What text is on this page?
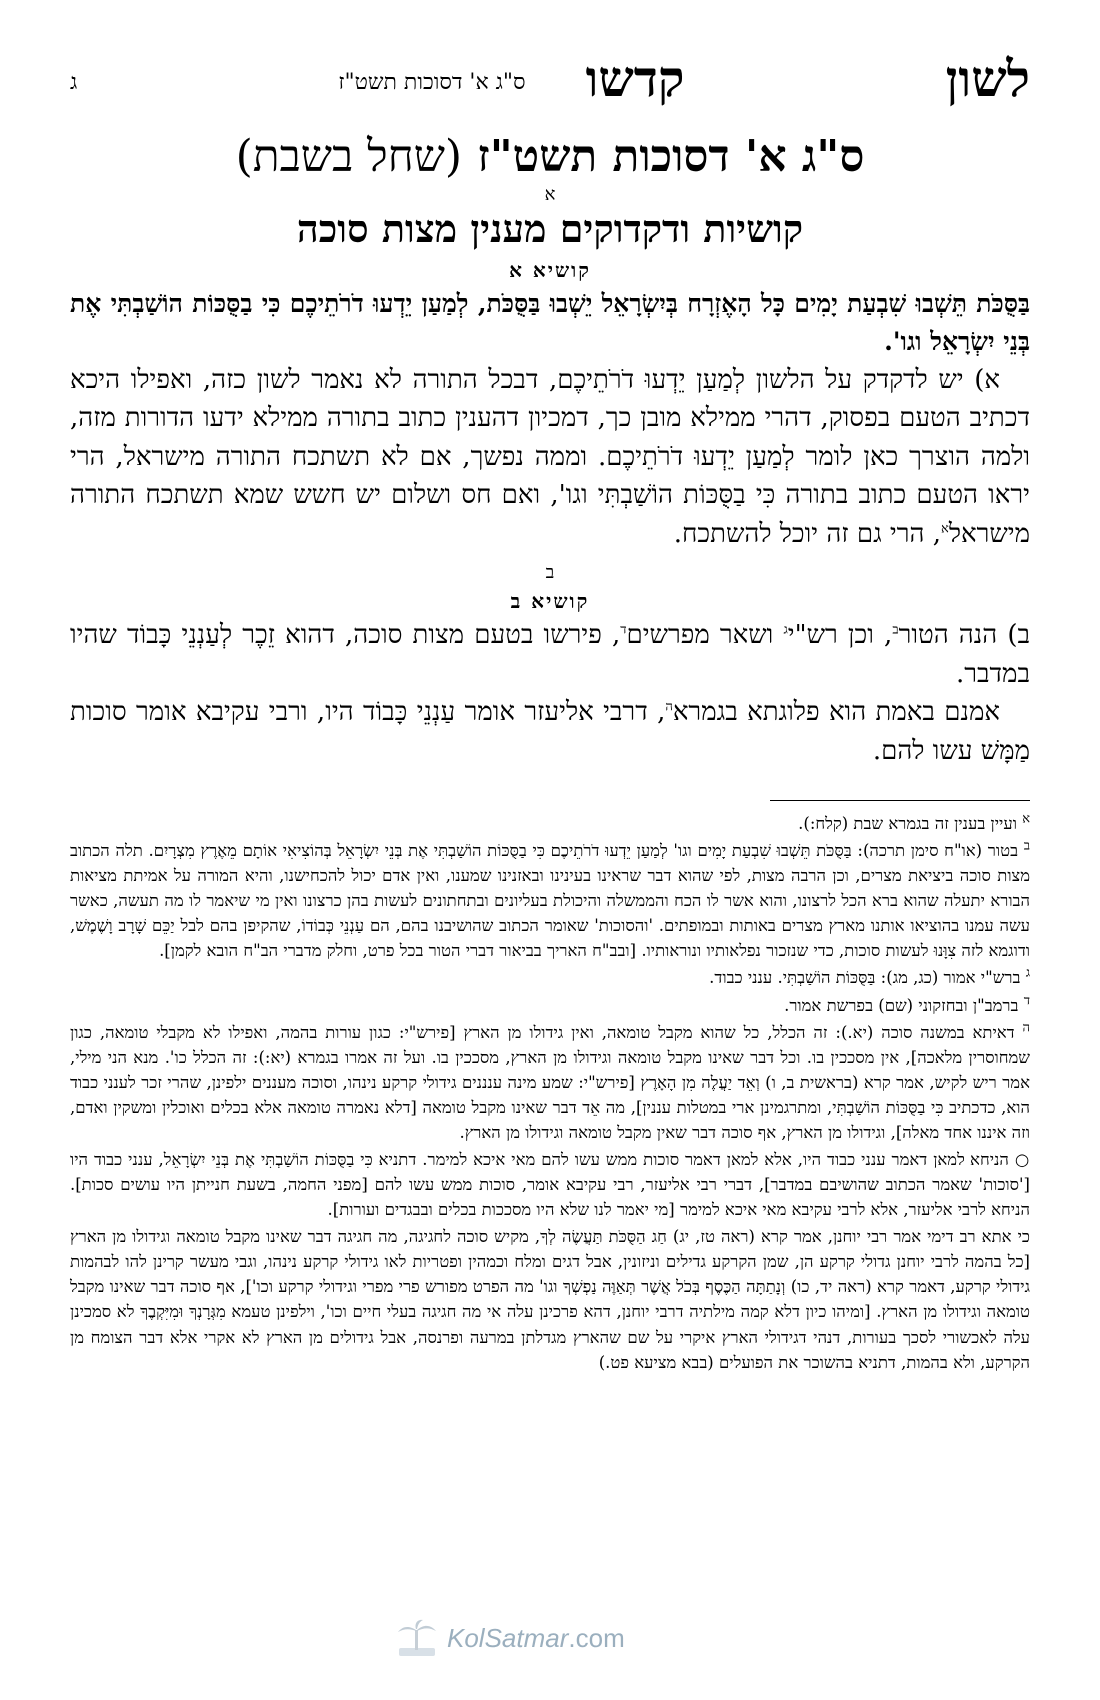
לשון
קדשו
ס"ג א' דסוכות תשט"ז
ג
ס"ג א' דסוכות תשט"ז (שחל בשבת)
א
קושיות ודקדוקים מענין מצות סוכה
קושיא א
בַּסֻּכֹּת תֵּשְׁבוּ שִׁבְעַת יָמִים כָּל הָאֶזְרָח בְּיִשְׂרָאֵל יֵשְׁבוּ בַּסֻּכֹּת, לְמַעַן יֵדְעוּ דֹרֹתֵיכֶם כִּי בַסֻּכּוֹת הוֹשַׁבְתִּי אֶת בְּנֵי יִשְׂרָאֵל וגו'.

א) יש לדקדק על הלשון לְמַעַן יֵדְעוּ דֹרֹתֵיכֶם, דבכל התורה לא נאמר לשון כזה, ואפילו היכא דכתיב הטעם בפסוק, דהרי ממילא מובן כך, דמכיון דהענין כתוב בתורה ממילא ידעו הדורות מזה, ולמה הוצרך כאן לומר לְמַעַן יֵדְעוּ דֹרֹתֵיכֶם. וממה נפשך, אם לא תשתכח התורה מישראל, הרי יראו הטעם כתוב בתורה כִּי בַסֻּכּוֹת הוֹשַׁבְתִּי וגו', ואם חס ושלום יש חשש שמא תשתכח התורה מישראל$^א$, הרי גם זה יוכל להשתכח.

ב
קושיא ב

ב) הנה הטור$^ב$, וכן רש"י$^ג$ ושאר מפרשים$^ד$, פירשו בטעם מצות סוכה, דהוא זֵכֶר לְעַנְנֵי כָּבוֹד שהיו במדבר.

אמנם באמת הוא פלוגתא בגמרא$^ה$, דרבי אליעזר אומר עַנְנֵי כָּבוֹד היו, ורבי עקיבא אומר סוכות מַמָּשׁ עשו להם.

$^א$ ועיין בענין זה בגמרא שבת (קלח:).

$^ב$ בטור (או"ח סימן תרכה): בַּסֻּכֹּת תֵּשְׁבוּ שִׁבְעַת יָמִים וגו' לְמַעַן יֵדְעוּ דֹרֹתֵיכֶם כִּי בַסֻּכּוֹת הוֹשַׁבְתִּי אֶת בְּנֵי יִשְׂרָאֵל בְּהוֹצִיאִי אוֹתָם מֵאֶרֶץ מִצְרָיִם. תלה הכתוב מצות סוכה ביציאת מצרים, וכן הרבה מצות, לפי שהוא דבר שראינו בעינינו ובאזנינו שמענו, ואין אדם יכול להכחישנו, והיא המורה על אמיתת מציאות הבורא יתעלה שהוא ברא הכל לרצונו, והוא אשר לו הכח והממשלה והיכולת בעליונים ובתחתונים לעשות בהן כרצונו ואין מי שיאמר לו מה תעשה, כאשר עשה עמנו בהוציאו אותנו מארץ מצרים באותות ובמופתים. 'והסוכות' שאומר הכתוב שהושיבנו בהם, הם עַנְנֵי כְּבוֹדוֹ, שהקיפן בהם לבל יַכֵּם שָׁרָב וָשֶׁמֶשׁ, ודוגמא לזה צִוָּנוּ לעשות סוכות, כדי שנזכור נפלאותיו ונוראותיו. [ובב"ח האריך בביאור דברי הטור בכל פרט, וחלק מדברי הב"ח הובא לקמן].

$^ג$ ברש"י אמור (כג, מג): בַּסֻּכּוֹת הוֹשַׁבְתִּי. ענני כבוד.

$^ד$ ברמב"ן ובחזקוני (שם) בפרשת אמור.

$^ה$ דאיתא במשנה סוכה (יא.): זה הכלל, כל שהוא מקבל טומאה, ואין גידולו מן הארץ [פירש"י: כגון עורות בהמה, ואפילו לא מקבלי טומאה, כגון שמחוסרין מלאכה], אין מסככין בו. וכל דבר שאינו מקבל טומאה וגידולו מן הארץ, מסככין בו. ועל זה אמרו בגמרא (יא:): זה הכלל כו'. מנא הני מילי, אמר ריש לקיש, אמר קרא (בראשית ב, ו) וְאֵד יַעֲלֶה מִן הָאָרֶץ [פירש"י: שמע מינה ענננים גידולי קרקע נינהו, וסוכה מעננים ילפינן, שהרי זכר לענני כבוד הוא, כדכתיב כִּי בַסֻּכּוֹת הוֹשַׁבְתִּי, ומתרגמינן ארי במטלות עננין], מה אֵד דבר שאינו מקבל טומאה [דלא נאמרה טומאה אלא בכלים ואוכלין ומשקין ואדם, וזה איננו אחד מאלה], וגידולו מן הארץ, אף סוכה דבר שאין מקבל טומאה וגידולו מן הארץ.

○ הניחא למאן דאמר ענני כבוד היו, אלא למאן דאמר סוכות ממש עשו להם מאי איכא למימר. דתניא כִּי בַסֻּכּוֹת הוֹשַׁבְתִּי אֶת בְּנֵי יִשְׂרָאֵל, ענני כבוד היו ['סוכות' שאמר הכתוב שהושיבם במדבר], דברי רבי אליעזר, רבי עקיבא אומר, סוכות ממש עשו להם [מפני החמה, בשעת חנייתן היו עושים סכות]. הניחא לרבי אליעזר, אלא לרבי עקיבא מאי איכא למימר [מי יאמר לנו שלא היו מסככות בכלים ובבגדים ועורות].

כי אתא רב דימי אמר רבי יוחנן, אמר קרא (ראה טז, יג) חַג הַסֻּכֹּת תַּעֲשֶׂה לְךָ, מקיש סוכה לחגיגה, מה חגיגה דבר שאינו מקבל טומאה וגידולו מן הארץ [כל בהמה לרבי יוחנן גדולי קרקע הן, שמן הקרקע גדילים וניזונין, אבל דגים ומלח וכמהין ופטריות לאו גידולי קרקע נינהו, וגבי מעשר קרינן להו לבהמות גידולי קרקע, דאמר קרא (ראה יד, כו) וְנָתַתָּה הַכֶּסֶף בְּכֹל אֲשֶׁר תְּאַוֶּה נַפְשְׁךָ וגו' מה הפרט מפורש פרי מפרי וגידולי קרקע וכו'], אף סוכה דבר שאינו מקבל טומאה וגידולו מן הארץ. [ומיהו כיון דלא קמה מילתיה דרבי יוחנן, דהא פרכינן עלה אי מה חגיגה בעלי חיים וכו', וילפינן טעמא מִגְּרָנְךָ וּמִיִּקְבֶךָ לא סמכינן עלה לאכשורי לסכך בעורות, דנהי דגידולי הארץ איקרי על שם שהארץ מגדלתן במרעה ופרנסה, אבל גידולים מן הארץ לא אקרי אלא דבר הצומח מן הקרקע, ולא בהמות, דתניא בהשוכר את הפועלים (בבא מציעא פט.)

KolSatmar.com
